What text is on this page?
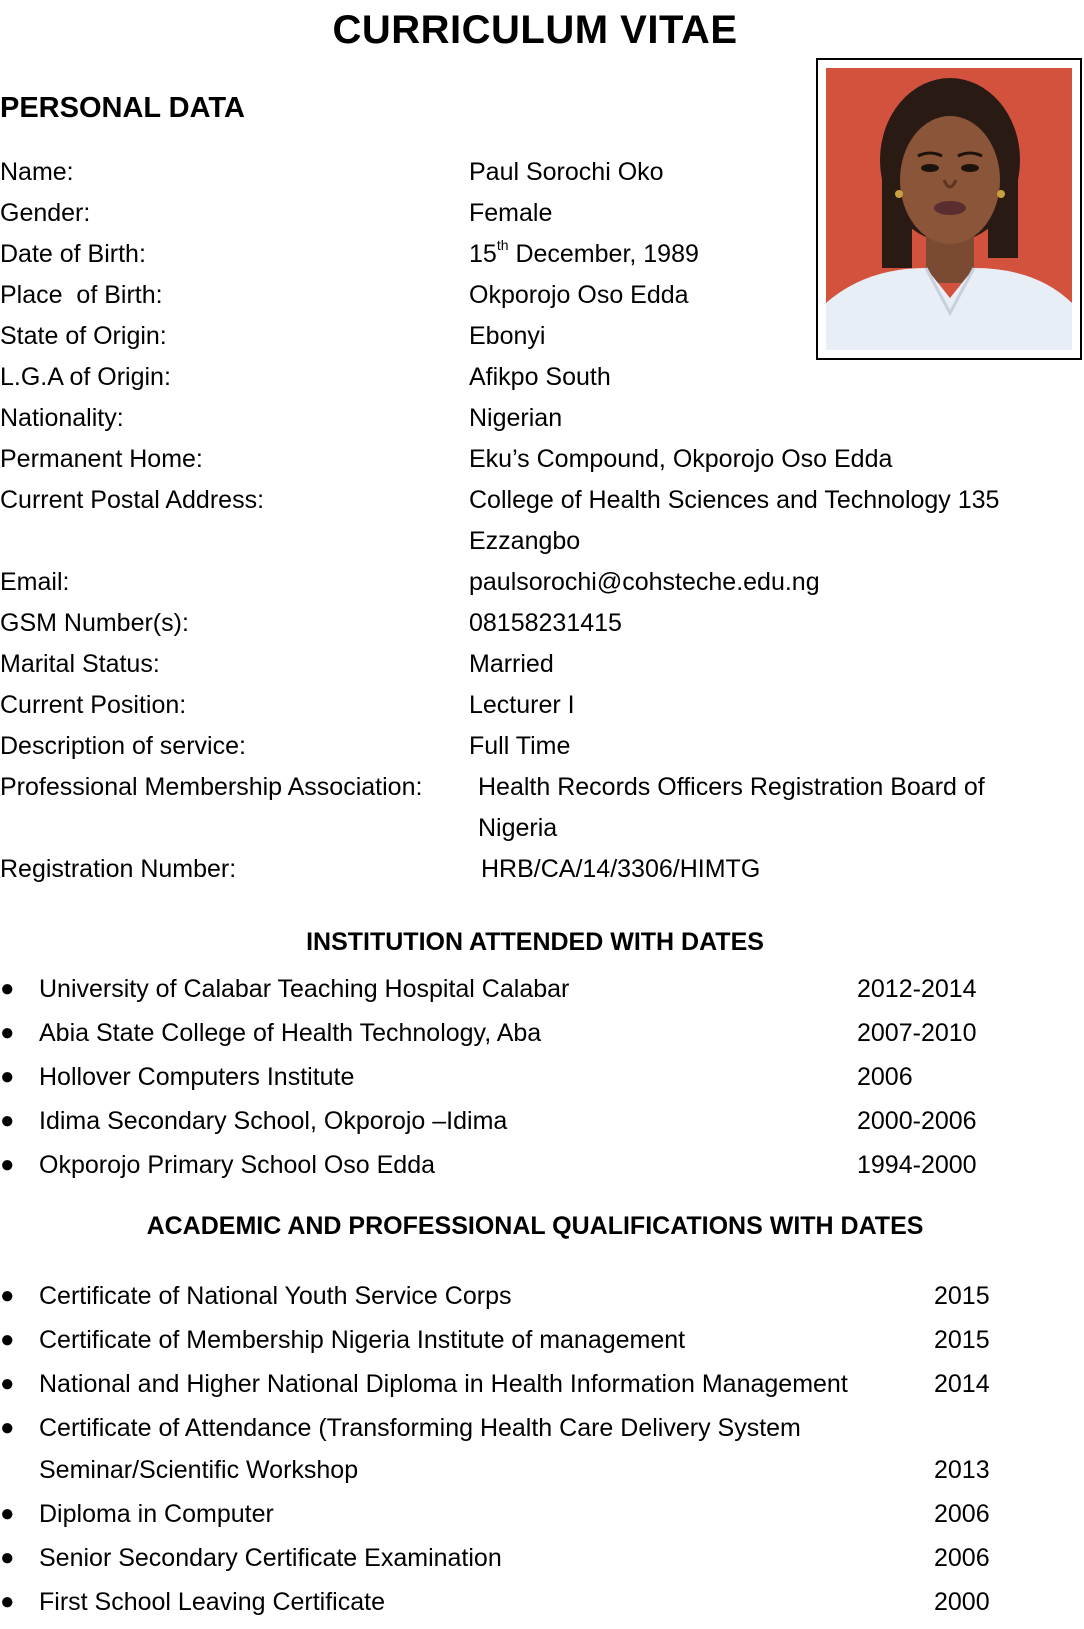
CURRICULUM VITAE
PERSONAL DATA
Name:	Paul Sorochi Oko
Gender:	Female
Date of Birth:	15th December, 1989
Place  of Birth:	Okporojo Oso Edda
State of Origin:	Ebonyi
L.G.A of Origin:	Afikpo South
Nationality:	Nigerian
Permanent Home:	Eku’s Compound, Okporojo Oso Edda
Current Postal Address:	College of Health Sciences and Technology 135
Ezzangbo
Email:	paulsorochi@cohsteche.edu.ng
GSM Number(s):	08158231415
Marital Status:	Married
Current Position:	Lecturer I
Description of service:	Full Time
Professional Membership Association: Health Records Officers Registration Board of
Nigeria
Registration Number:	HRB/CA/14/3306/HIMTG
INSTITUTION ATTENDED WITH DATES
● University of Calabar Teaching Hospital Calabar	2012-2014
● Abia State College of Health Technology, Aba	2007-2010
● Hollover Computers Institute	2006
● Idima Secondary School, Okporojo –Idima	2000-2006
● Okporojo Primary School Oso Edda	1994-2000
ACADEMIC AND PROFESSIONAL QUALIFICATIONS WITH DATES
● Certificate of National Youth Service Corps	2015
● Certificate of Membership Nigeria Institute of management	2015
● National and Higher National Diploma in Health Information Management	2014
● Certificate of Attendance (Transforming Health Care Delivery System
Seminar/Scientific Workshop	2013
● Diploma in Computer	2006
● Senior Secondary Certificate Examination	2006
● First School Leaving Certificate	2000
